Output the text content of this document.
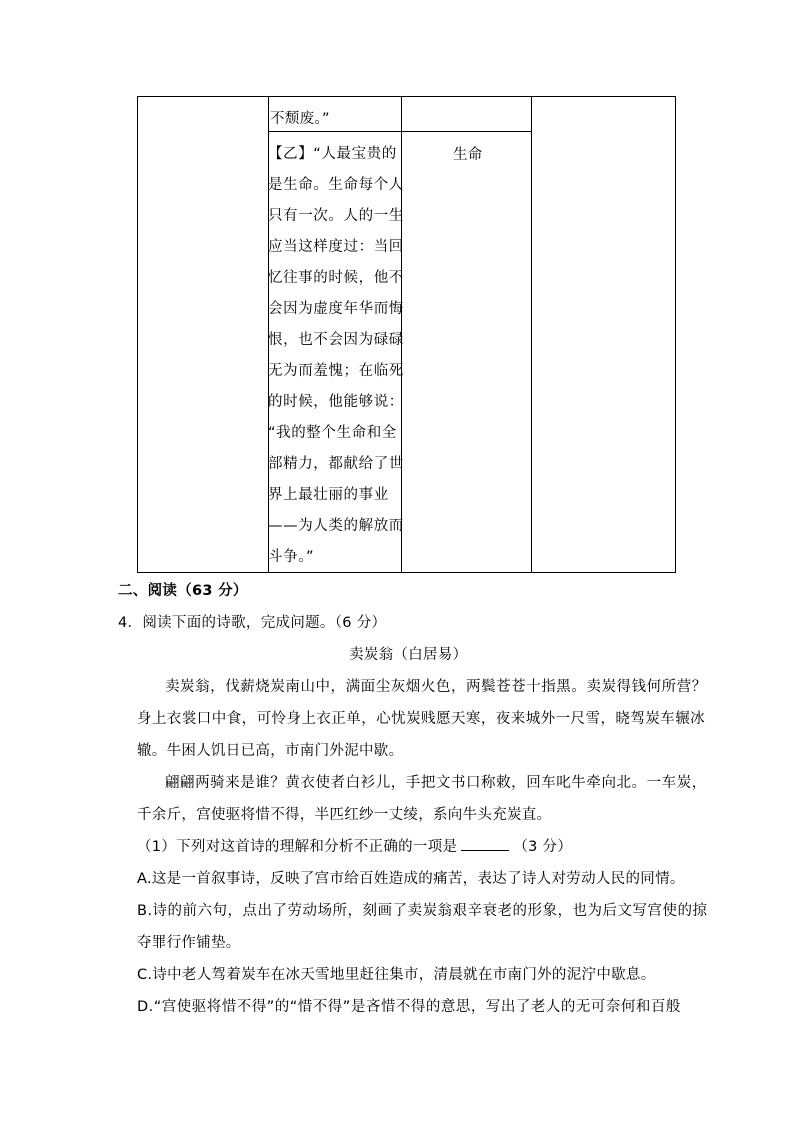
不颓废。”
生命
【乙】“人最宝贵的
是生命。生命每个人
只有一次。人的一生
应当这样度过：当回
忆往事的时候，他不
会因为虚度年华而悔
恨，也不会因为碌碌
无为而羞愧；在临死
的时候，他能够说：
“我的整个生命和全
部精力，都献给了世
界上最壮丽的事业
——为人类的解放而
斗争。”
二、阅读（63 分）
4．阅读下面的诗歌，完成问题。（6 分）
卖炭翁（白居易）
卖炭翁，伐薪烧炭南山中，满面尘灰烟火色，两鬓苍苍十指黑。卖炭得钱何所营？
身上衣裳口中食，可怜身上衣正单，心忧炭贱愿天寒，夜来城外一尺雪，晓驾炭车辗冰
辙。牛困人饥日已高，市南门外泥中歇。
翩翩两骑来是谁？黄衣使者白衫儿，手把文书口称敕，回车叱牛牵向北。一车炭，
千余斤，宫使驱将惜不得，半匹红纱一丈绫，系向牛头充炭直。
（1）下列对这首诗的理解和分析不正确的一项是	（3 分）
A.这是一首叙事诗，反映了宫市给百姓造成的痛苦，表达了诗人对劳动人民的同情。
B.诗的前六句，点出了劳动场所，刻画了卖炭翁艰辛衰老的形象，也为后文写宫使的掠
夺罪行作铺垫。
C.诗中老人驾着炭车在冰天雪地里赶往集市，清晨就在市南门外的泥泞中歇息。
D.“宫使驱将惜不得”的“惜不得”是吝惜不得的意思，写出了老人的无可奈何和百般
